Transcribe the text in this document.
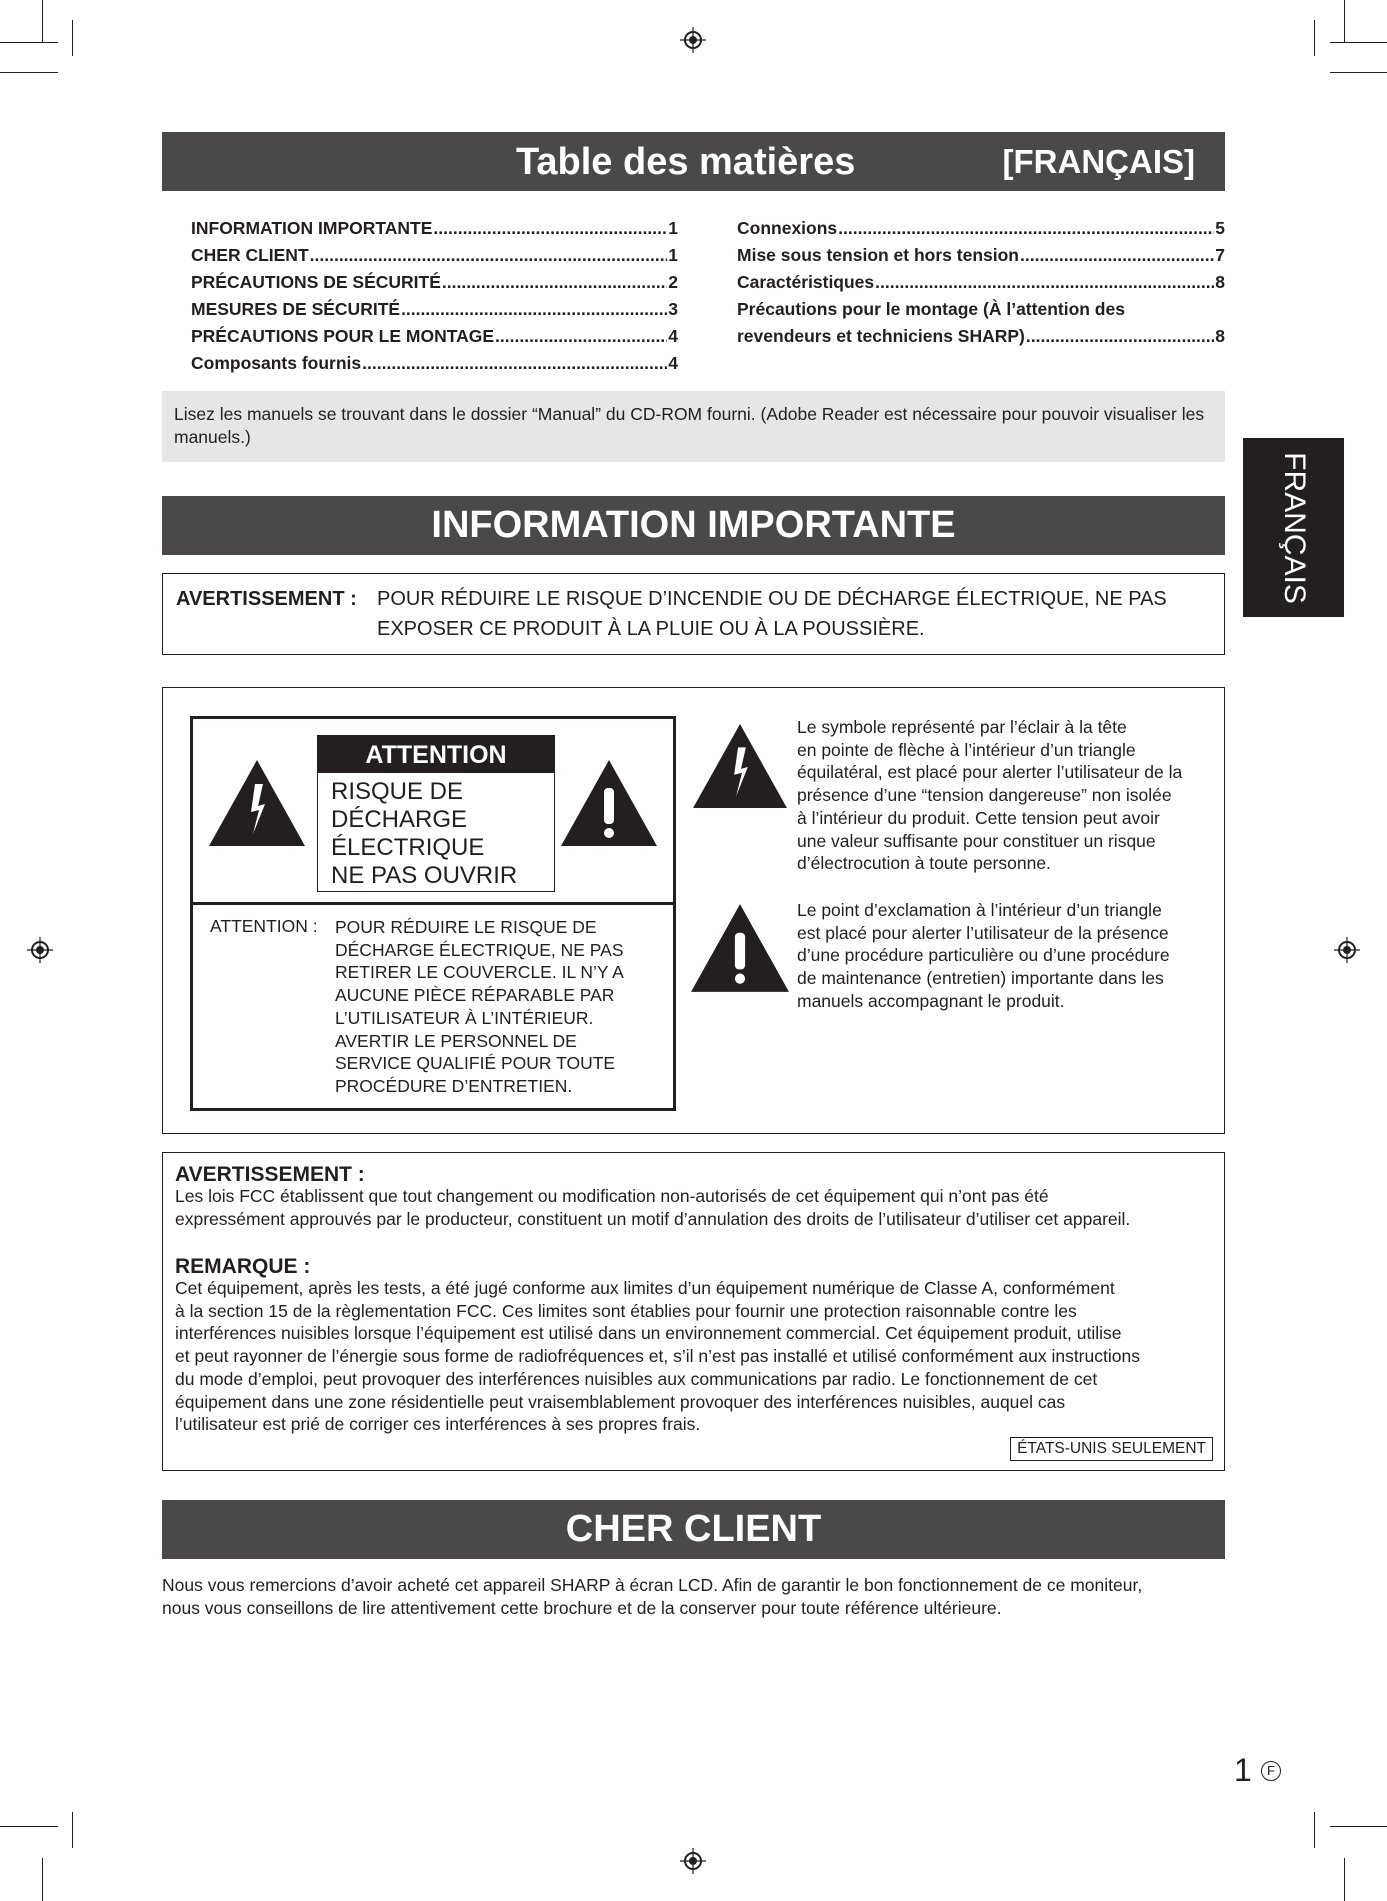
Table des matières	[FRANÇAIS]
INFORMATION IMPORTANTE .....	1
CHER CLIENT .....	1
PRÉCAUTIONS DE SÉCURITÉ .....	2
MESURES DE SÉCURITÉ .....	3
PRÉCAUTIONS POUR LE MONTAGE .....	4
Composants fournis .....	4
Connexions .....	5
Mise sous tension et hors tension .....	7
Caractéristiques .....	8
Précautions pour le montage (À l’attention des
revendeurs et techniciens SHARP) .....	8
Lisez les manuels se trouvant dans le dossier “Manual” du CD-ROM fourni. (Adobe Reader est nécessaire pour pouvoir visualiser les manuels.)
FRANÇAIS
INFORMATION IMPORTANTE
AVERTISSEMENT : POUR RÉDUIRE LE RISQUE D’INCENDIE OU DE DÉCHARGE ÉLECTRIQUE, NE PAS
EXPOSER CE PRODUIT À LA PLUIE OU À LA POUSSIÈRE.
ATTENTION
RISQUE DE
DÉCHARGE
ÉLECTRIQUE
NE PAS OUVRIR
ATTENTION : POUR RÉDUIRE LE RISQUE DE
DÉCHARGE ÉLECTRIQUE, NE PAS
RETIRER LE COUVERCLE. IL N’Y A
AUCUNE PIÈCE RÉPARABLE PAR
L’UTILISATEUR À L’INTÉRIEUR.
AVERTIR LE PERSONNEL DE
SERVICE QUALIFIÉ POUR TOUTE
PROCÉDURE D’ENTRETIEN.
Le symbole représenté par l’éclair à la tête
en pointe de flèche à l’intérieur d’un triangle
équilatéral, est placé pour alerter l’utilisateur de la
présence d’une “tension dangereuse” non isolée
à l’intérieur du produit. Cette tension peut avoir
une valeur suffisante pour constituer un risque
d’électrocution à toute personne.
Le point d’exclamation à l’intérieur d’un triangle
est placé pour alerter l’utilisateur de la présence
d’une procédure particulière ou d’une procédure
de maintenance (entretien) importante dans les
manuels accompagnant le produit.
AVERTISSEMENT :
Les lois FCC établissent que tout changement ou modification non-autorisés de cet équipement qui n’ont pas été
expressément approuvés par le producteur, constituent un motif d’annulation des droits de l’utilisateur d’utiliser cet appareil.
REMARQUE :
Cet équipement, après les tests, a été jugé conforme aux limites d’un équipement numérique de Classe A, conformément
à la section 15 de la règlementation FCC. Ces limites sont établies pour fournir une protection raisonnable contre les
interférences nuisibles lorsque l’équipement est utilisé dans un environnement commercial. Cet équipement produit, utilise
et peut rayonner de l’énergie sous forme de radiofréquences et, s’il n’est pas installé et utilisé conformément aux instructions
du mode d’emploi, peut provoquer des interférences nuisibles aux communications par radio. Le fonctionnement de cet
équipement dans une zone résidentielle peut vraisemblablement provoquer des interférences nuisibles, auquel cas
l’utilisateur est prié de corriger ces interférences à ses propres frais.
ÉTATS-UNIS SEULEMENT
CHER CLIENT
Nous vous remercions d’avoir acheté cet appareil SHARP à écran LCD. Afin de garantir le bon fonctionnement de ce moniteur,
nous vous conseillons de lire attentivement cette brochure et de la conserver pour toute référence ultérieure.
1	F
